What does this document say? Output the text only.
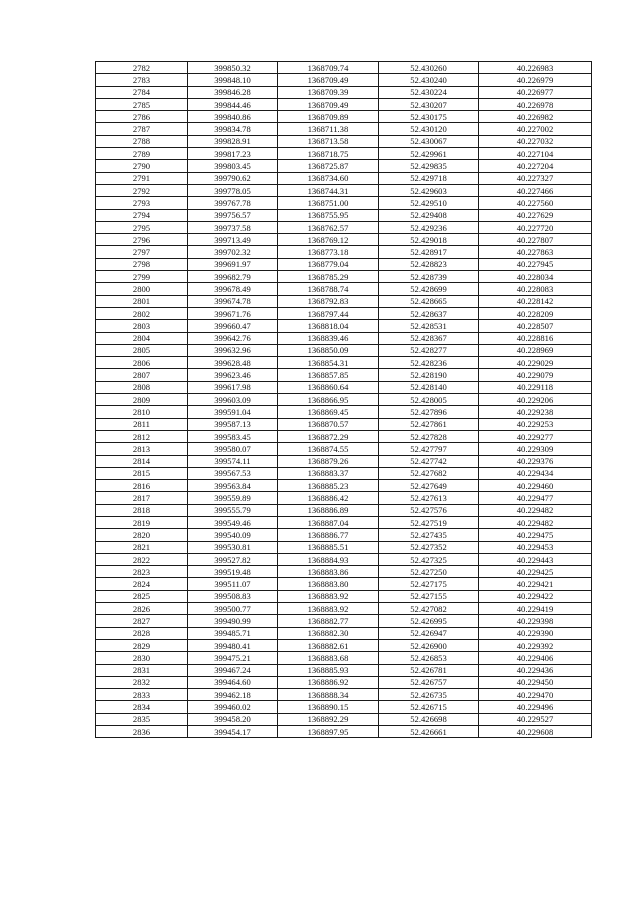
2782	399850.32	1368709.74	52.430260	40.226983
2783	399848.10	1368709.49	52.430240	40.226979
2784	399846.28	1368709.39	52.430224	40.226977
2785	399844.46	1368709.49	52.430207	40.226978
2786	399840.86	1368709.89	52.430175	40.226982
2787	399834.78	1368711.38	52.430120	40.227002
2788	399828.91	1368713.58	52.430067	40.227032
2789	399817.23	1368718.75	52.429961	40.227104
2790	399803.45	1368725.87	52.429835	40.227204
2791	399790.62	1368734.60	52.429718	40.227327
2792	399778.05	1368744.31	52.429603	40.227466
2793	399767.78	1368751.00	52.429510	40.227560
2794	399756.57	1368755.95	52.429408	40.227629
2795	399737.58	1368762.57	52.429236	40.227720
2796	399713.49	1368769.12	52.429018	40.227807
2797	399702.32	1368773.18	52.428917	40.227863
2798	399691.97	1368779.04	52.428823	40.227945
2799	399682.79	1368785.29	52.428739	40.228034
2800	399678.49	1368788.74	52.428699	40.228083
2801	399674.78	1368792.83	52.428665	40.228142
2802	399671.76	1368797.44	52.428637	40.228209
2803	399660.47	1368818.04	52.428531	40.228507
2804	399642.76	1368839.46	52.428367	40.228816
2805	399632.96	1368850.09	52.428277	40.228969
2806	399628.48	1368854.31	52.428236	40.229029
2807	399623.46	1368857.85	52.428190	40.229079
2808	399617.98	1368860.64	52.428140	40.229118
2809	399603.09	1368866.95	52.428005	40.229206
2810	399591.04	1368869.45	52.427896	40.229238
2811	399587.13	1368870.57	52.427861	40.229253
2812	399583.45	1368872.29	52.427828	40.229277
2813	399580.07	1368874.55	52.427797	40.229309
2814	399574.11	1368879.26	52.427742	40.229376
2815	399567.53	1368883.37	52.427682	40.229434
2816	399563.84	1368885.23	52.427649	40.229460
2817	399559.89	1368886.42	52.427613	40.229477
2818	399555.79	1368886.89	52.427576	40.229482
2819	399549.46	1368887.04	52.427519	40.229482
2820	399540.09	1368886.77	52.427435	40.229475
2821	399530.81	1368885.51	52.427352	40.229453
2822	399527.82	1368884.93	52.427325	40.229443
2823	399519.48	1368883.86	52.427250	40.229425
2824	399511.07	1368883.80	52.427175	40.229421
2825	399508.83	1368883.92	52.427155	40.229422
2826	399500.77	1368883.92	52.427082	40.229419
2827	399490.99	1368882.77	52.426995	40.229398
2828	399485.71	1368882.30	52.426947	40.229390
2829	399480.41	1368882.61	52.426900	40.229392
2830	399475.21	1368883.68	52.426853	40.229406
2831	399467.24	1368885.93	52.426781	40.229436
2832	399464.60	1368886.92	52.426757	40.229450
2833	399462.18	1368888.34	52.426735	40.229470
2834	399460.02	1368890.15	52.426715	40.229496
2835	399458.20	1368892.29	52.426698	40.229527
2836	399454.17	1368897.95	52.426661	40.229608
